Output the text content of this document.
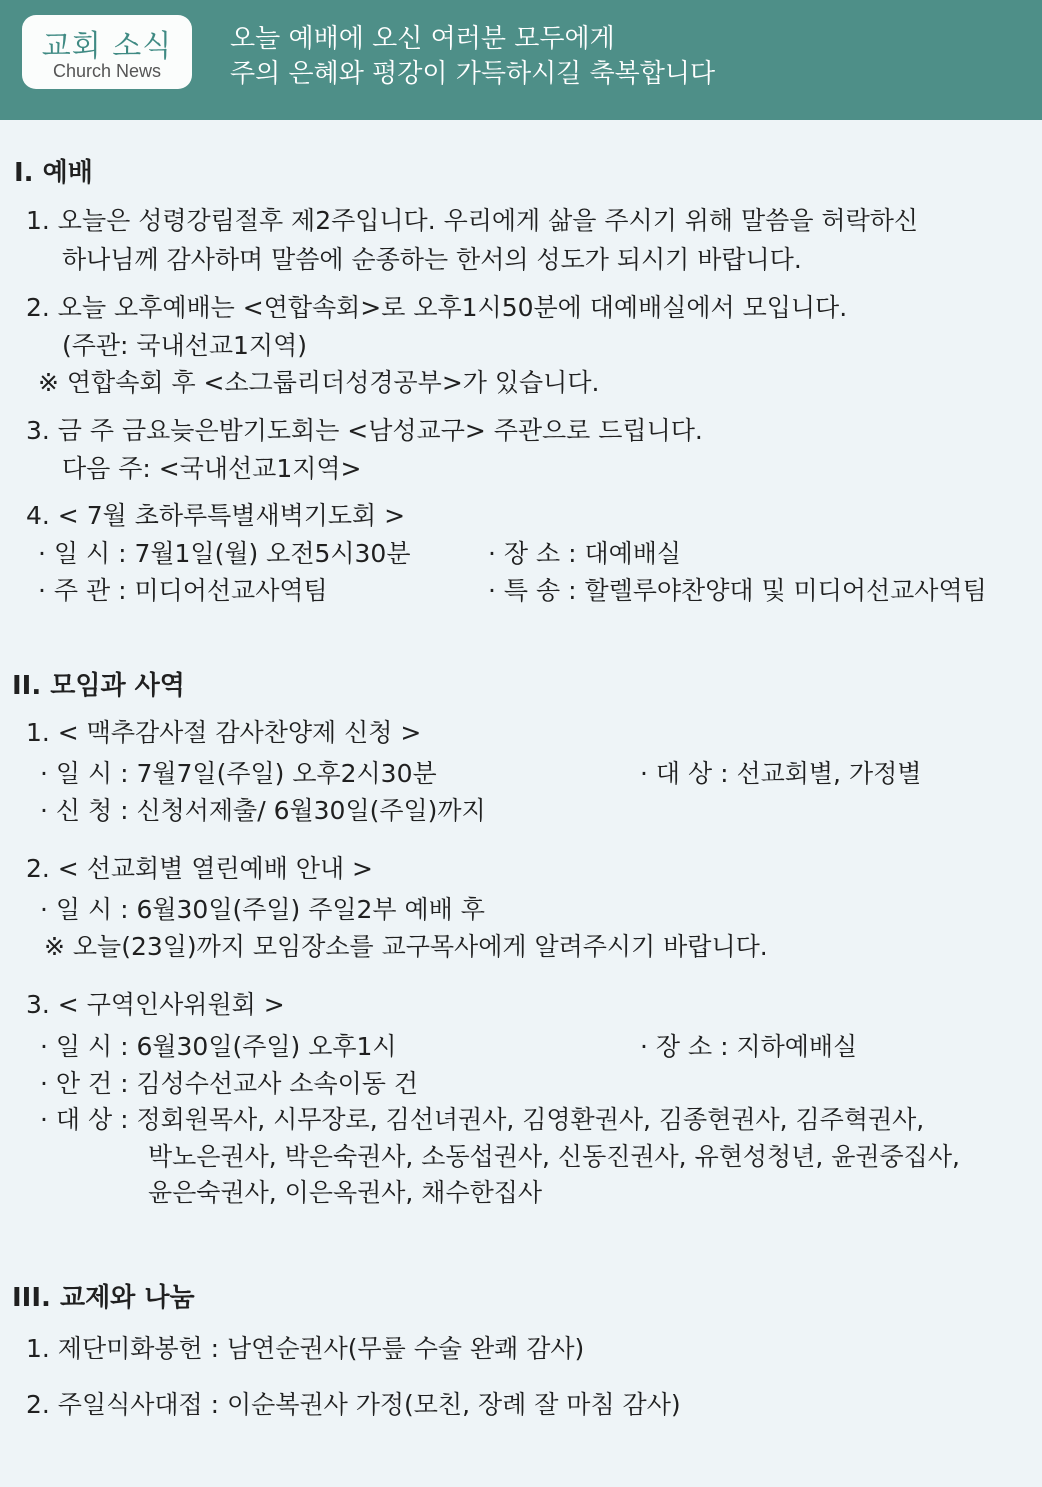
교회 소식
Church News
오늘 예배에 오신 여러분 모두에게
주의 은혜와 평강이 가득하시길 축복합니다
I. 예배
1. 오늘은 성령강림절후 제2주입니다. 우리에게 삶을 주시기 위해 말씀을 허락하신
하나님께 감사하며 말씀에 순종하는 한서의 성도가 되시기 바랍니다.
2. 오늘 오후예배는 <연합속회>로 오후1시50분에 대예배실에서 모입니다.
(주관: 국내선교1지역)
※ 연합속회 후 <소그룹리더성경공부>가 있습니다.
3. 금 주 금요늦은밤기도회는 <남성교구> 주관으로 드립니다.
다음 주: <국내선교1지역>
4. < 7월 초하루특별새벽기도회 >
· 일 시 : 7월1일(월) 오전5시30분	· 장 소 : 대예배실
· 주 관 : 미디어선교사역팀	· 특 송 : 할렐루야찬양대 및 미디어선교사역팀
II. 모임과 사역
1. < 맥추감사절 감사찬양제 신청 >
· 일 시 : 7월7일(주일) 오후2시30분	· 대 상 : 선교회별, 가정별
· 신 청 : 신청서제출/ 6월30일(주일)까지
2. < 선교회별 열린예배 안내 >
· 일 시 : 6월30일(주일) 주일2부 예배 후
※ 오늘(23일)까지 모임장소를 교구목사에게 알려주시기 바랍니다.
3. < 구역인사위원회 >
· 일 시 : 6월30일(주일) 오후1시	· 장 소 : 지하예배실
· 안 건 : 김성수선교사 소속이동 건
· 대 상 : 정회원목사, 시무장로, 김선녀권사, 김영환권사, 김종현권사, 김주혁권사,
박노은권사, 박은숙권사, 소동섭권사, 신동진권사, 유현성청년, 윤권중집사,
윤은숙권사, 이은옥권사, 채수한집사
III. 교제와 나눔
1. 제단미화봉헌 : 남연순권사(무릎 수술 완쾌 감사)
2. 주일식사대접 : 이순복권사 가정(모친, 장례 잘 마침 감사)
